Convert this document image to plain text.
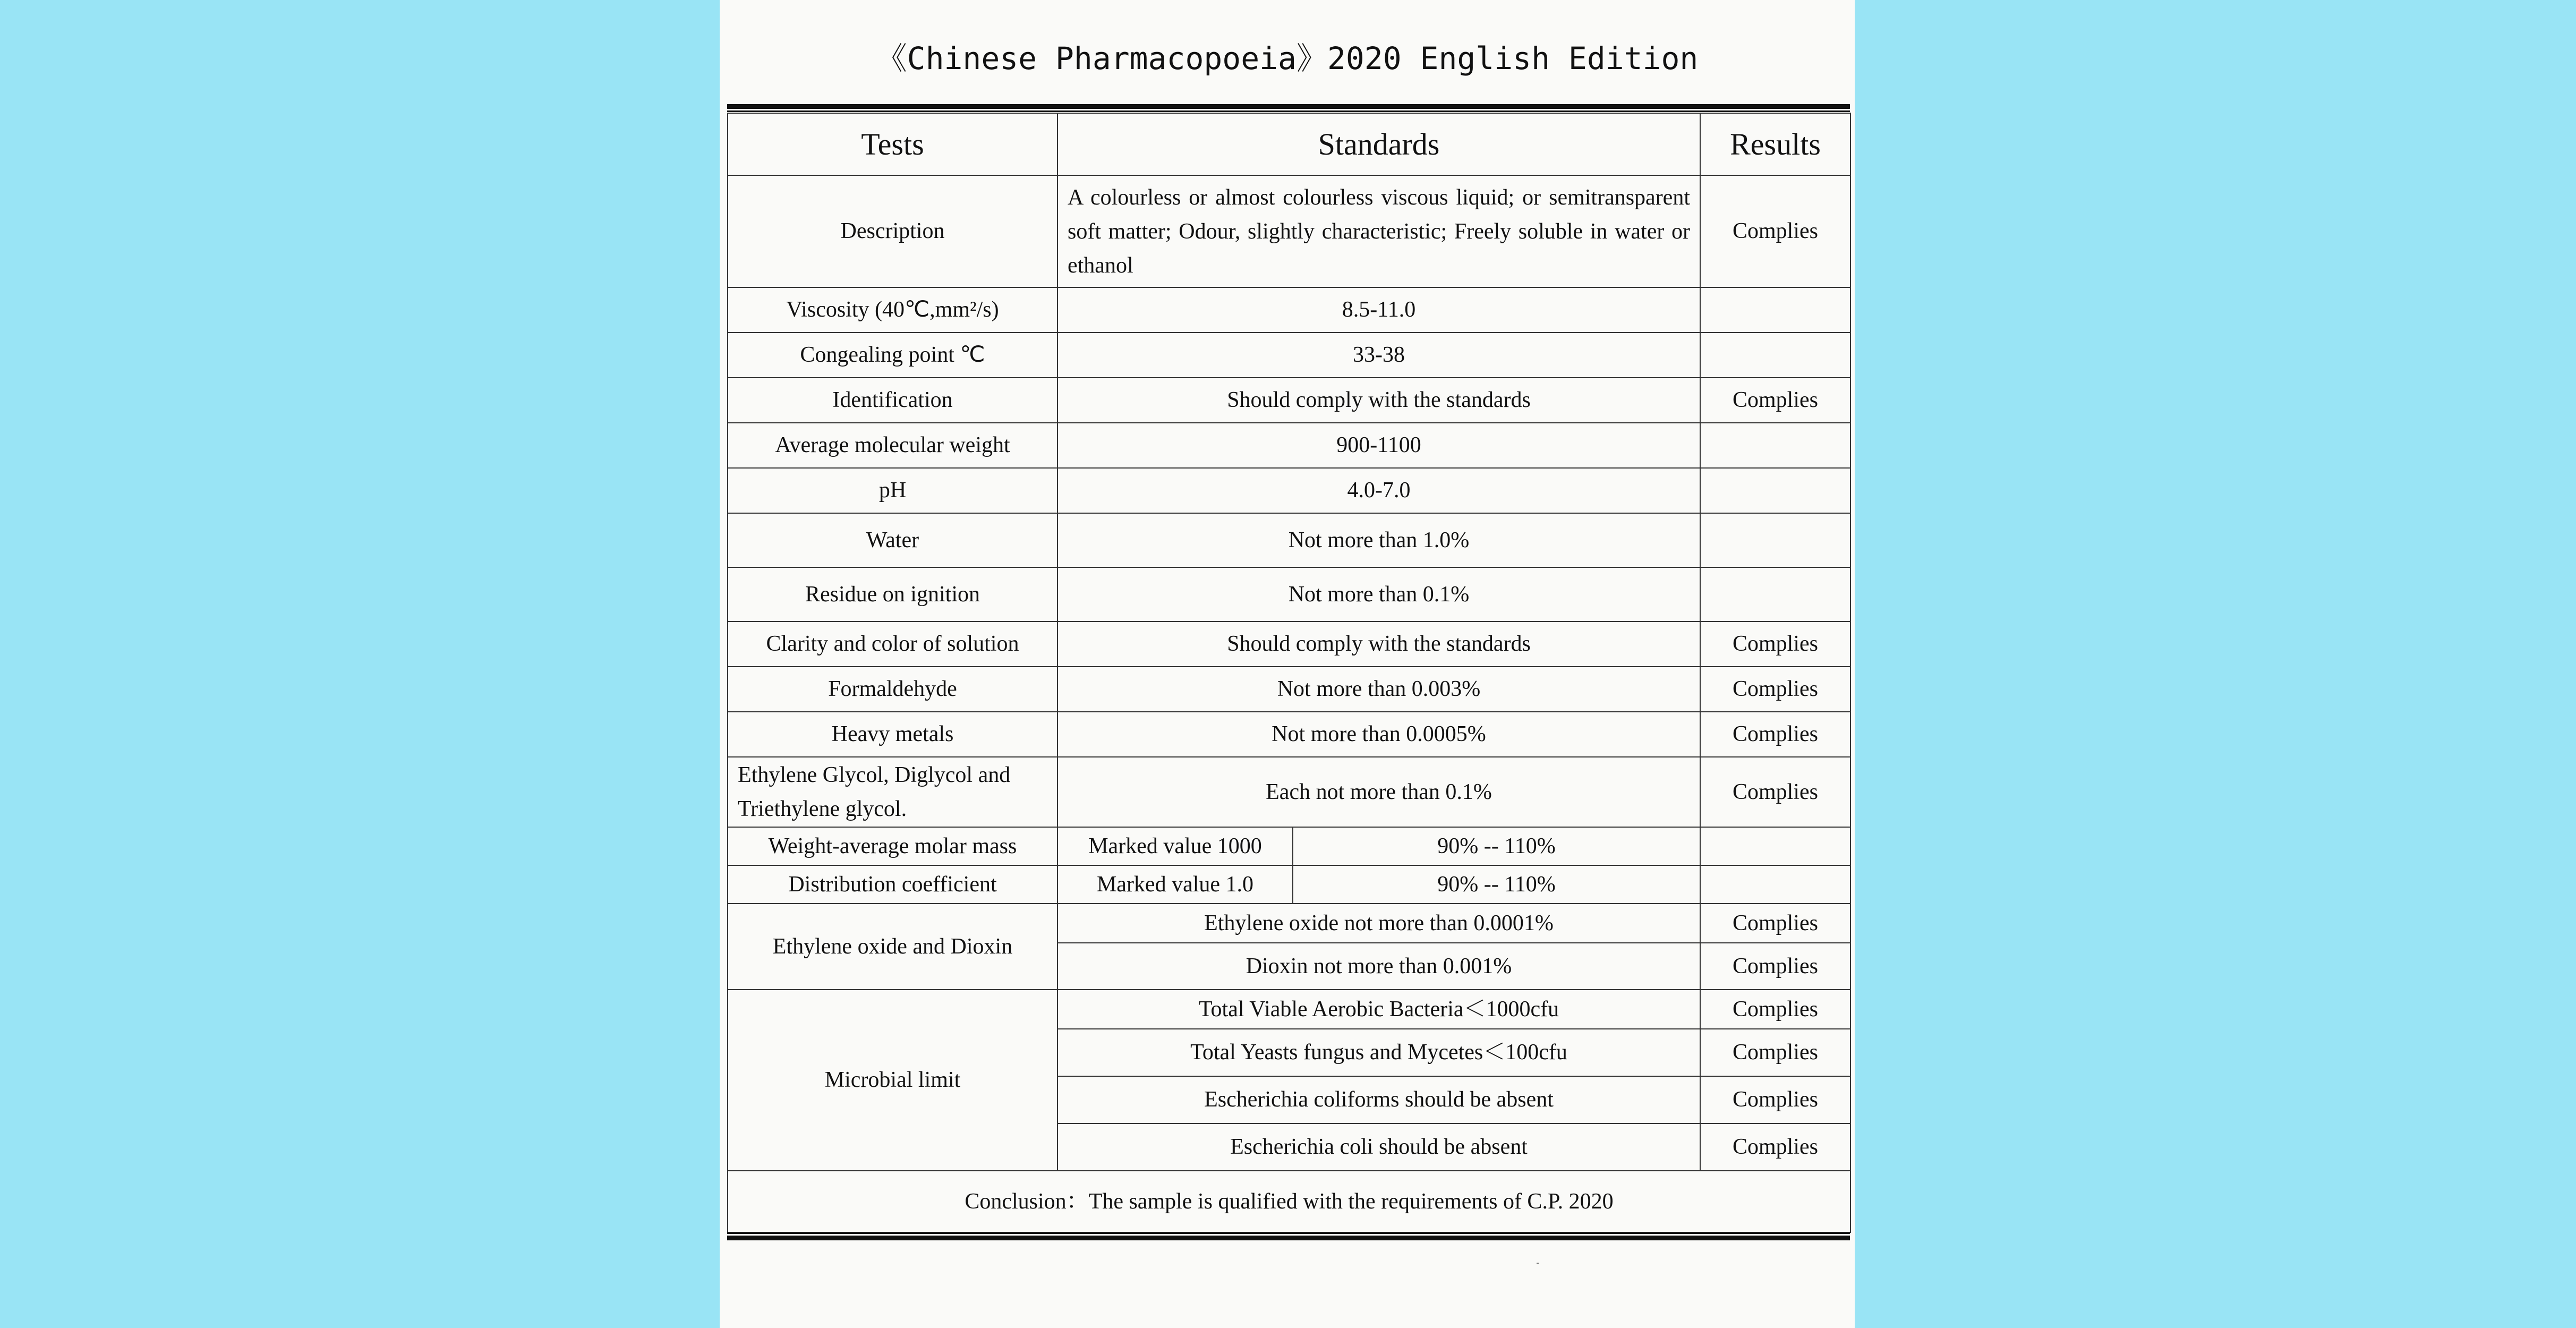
《Chinese Pharmacopoeia》2020 English Edition
Tests	Standards		Results
Description	A colourless or almost colourless viscous liquid; or semitransparent soft matter; Odour, slightly characteristic; Freely soluble in water or ethanol		Complies
Viscosity (40℃,mm²/s)	8.5-11.0		
Congealing point ℃	33-38		
Identification	Should comply with the standards		Complies
Average molecular weight	900-1100		
pH	4.0-7.0		
Water	Not more than 1.0%		
Residue on ignition	Not more than 0.1%		
Clarity and color of solution	Should comply with the standards		Complies
Formaldehyde	Not more than 0.003%		Complies
Heavy metals	Not more than 0.0005%		Complies
Ethylene Glycol, Diglycol and Triethylene glycol.	Each not more than 0.1%		Complies
Weight-average molar mass	Marked value 1000	90% -- 110%	
Distribution coefficient	Marked value 1.0	90% -- 110%	
Ethylene oxide and Dioxin	Ethylene oxide not more than 0.0001%		Complies
	Dioxin not more than 0.001%		Complies
Microbial limit	Total Viable Aerobic Bacteria＜1000cfu		Complies
	Total Yeasts fungus and Mycetes＜100cfu		Complies
	Escherichia coliforms should be absent		Complies
	Escherichia coli should be absent		Complies
Conclusion：The sample is qualified with the requirements of C.P. 2020			
